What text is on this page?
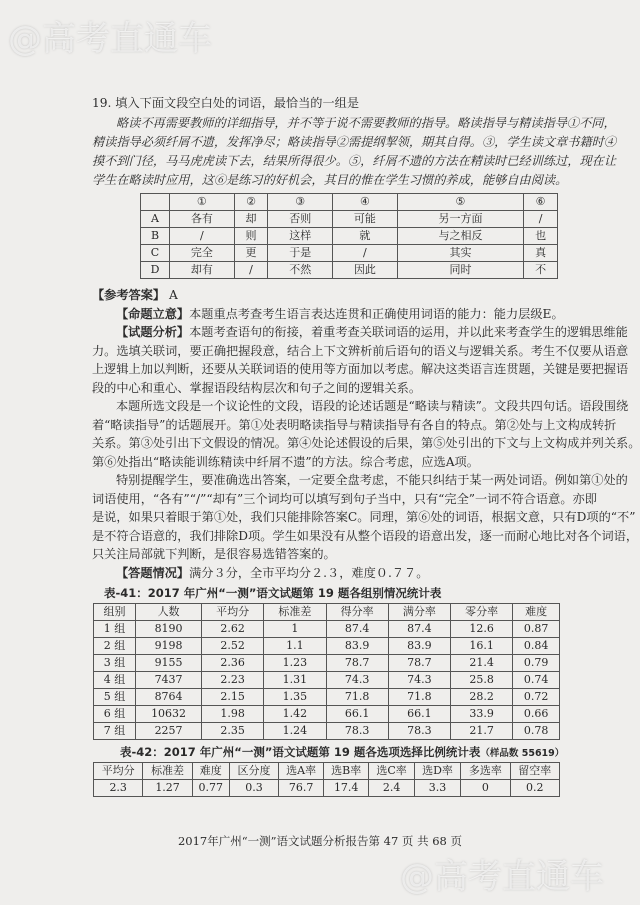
@高考直通车
@高考直通车
19. 填入下面文段空白处的词语，最恰当的一组是
略读不再需要教师的详细指导，并不等于说不需要教师的指导。略读指导与精读指导①不同，
精读指导必须纤屑不遗，发挥净尽；略读指导②需提纲挈领，期其自得。③，学生读文章书籍时④
摸不到门径，马马虎虎读下去，结果所得很少。⑤，纤屑不遗的方法在精读时已经训练过，现在让
学生在略读时应用，这⑥是练习的好机会，其目的惟在学生习惯的养成，能够自由阅读。
	①	②	③	④	⑤	⑥
A	各有	却	否则	可能	另一方面	/
B	/	则	这样	就	与之相反	也
C	完全	更	于是	/	其实	真
D	却有	/	不然	因此	同时	不
【参考答案】 A
【命题立意】本题重点考查考生语言表达连贯和正确使用词语的能力：能力层级E。
【试题分析】本题考查语句的衔接，着重考查关联词语的运用，并以此来考查学生的逻辑思维能
力。选填关联词，要正确把握段意，结合上下文辨析前后语句的语义与逻辑关系。考生不仅要从语意
上逻辑上加以判断，还要从关联词语的使用等方面加以考虑。解决这类语言连贯题，关键是要把握语
段的中心和重心、掌握语段结构层次和句子之间的逻辑关系。
本题所选文段是一个议论性的文段，语段的论述话题是“略读与精读”。文段共四句话。语段围绕
着“略读指导”的话题展开。第①处表明略读指导与精读指导有各自的特点。第②处与上文构成转折
关系。第③处引出下文假设的情况。第④处论述假设的后果，第⑤处引出的下文与上文构成并列关系。
第⑥处指出“略读能训练精读中纤屑不遗”的方法。综合考虑，应选A项。
特别提醒学生，要准确选出答案，一定要全盘考虑，不能只纠结于某一两处词语。例如第①处的
词语使用，“各有”“/”“却有”三个词均可以填写到句子当中，只有“完全”一词不符合语意。亦即
是说，如果只着眼于第①处，我们只能排除答案C。同理，第⑥处的词语，根据文意，只有D项的“不”
是不符合语意的，我们排除D项。学生如果没有从整个语段的语意出发，逐一而耐心地比对各个词语，
只关注局部就下判断，是很容易选错答案的。
【答题情况】满分３分，全市平均分２.３，难度０.７７。
表-41：2017 年广州“一测”语文试题第 19 题各组别情况统计表
组别	人数	平均分	标准差	得分率	满分率	零分率	难度
1 组	8190	2.62	1	87.4	87.4	12.6	0.87
2 组	9198	2.52	1.1	83.9	83.9	16.1	0.84
3 组	9155	2.36	1.23	78.7	78.7	21.4	0.79
4 组	7437	2.23	1.31	74.3	74.3	25.8	0.74
5 组	8764	2.15	1.35	71.8	71.8	28.2	0.72
6 组	10632	1.98	1.42	66.1	66.1	33.9	0.66
7 组	2257	2.35	1.24	78.3	78.3	21.7	0.78
表-42：2017 年广州“一测”语文试题第 19 题各选项选择比例统计表（样品数 55619）
平均分	标准差	难度	区分度	选A率	选B率	选C率	选D率	多选率	留空率
2.3	1.27	0.77	0.3	76.7	17.4	2.4	3.3	0	0.2
2017年广州“一测”语文试题分析报告第 47 页 共 68 页
